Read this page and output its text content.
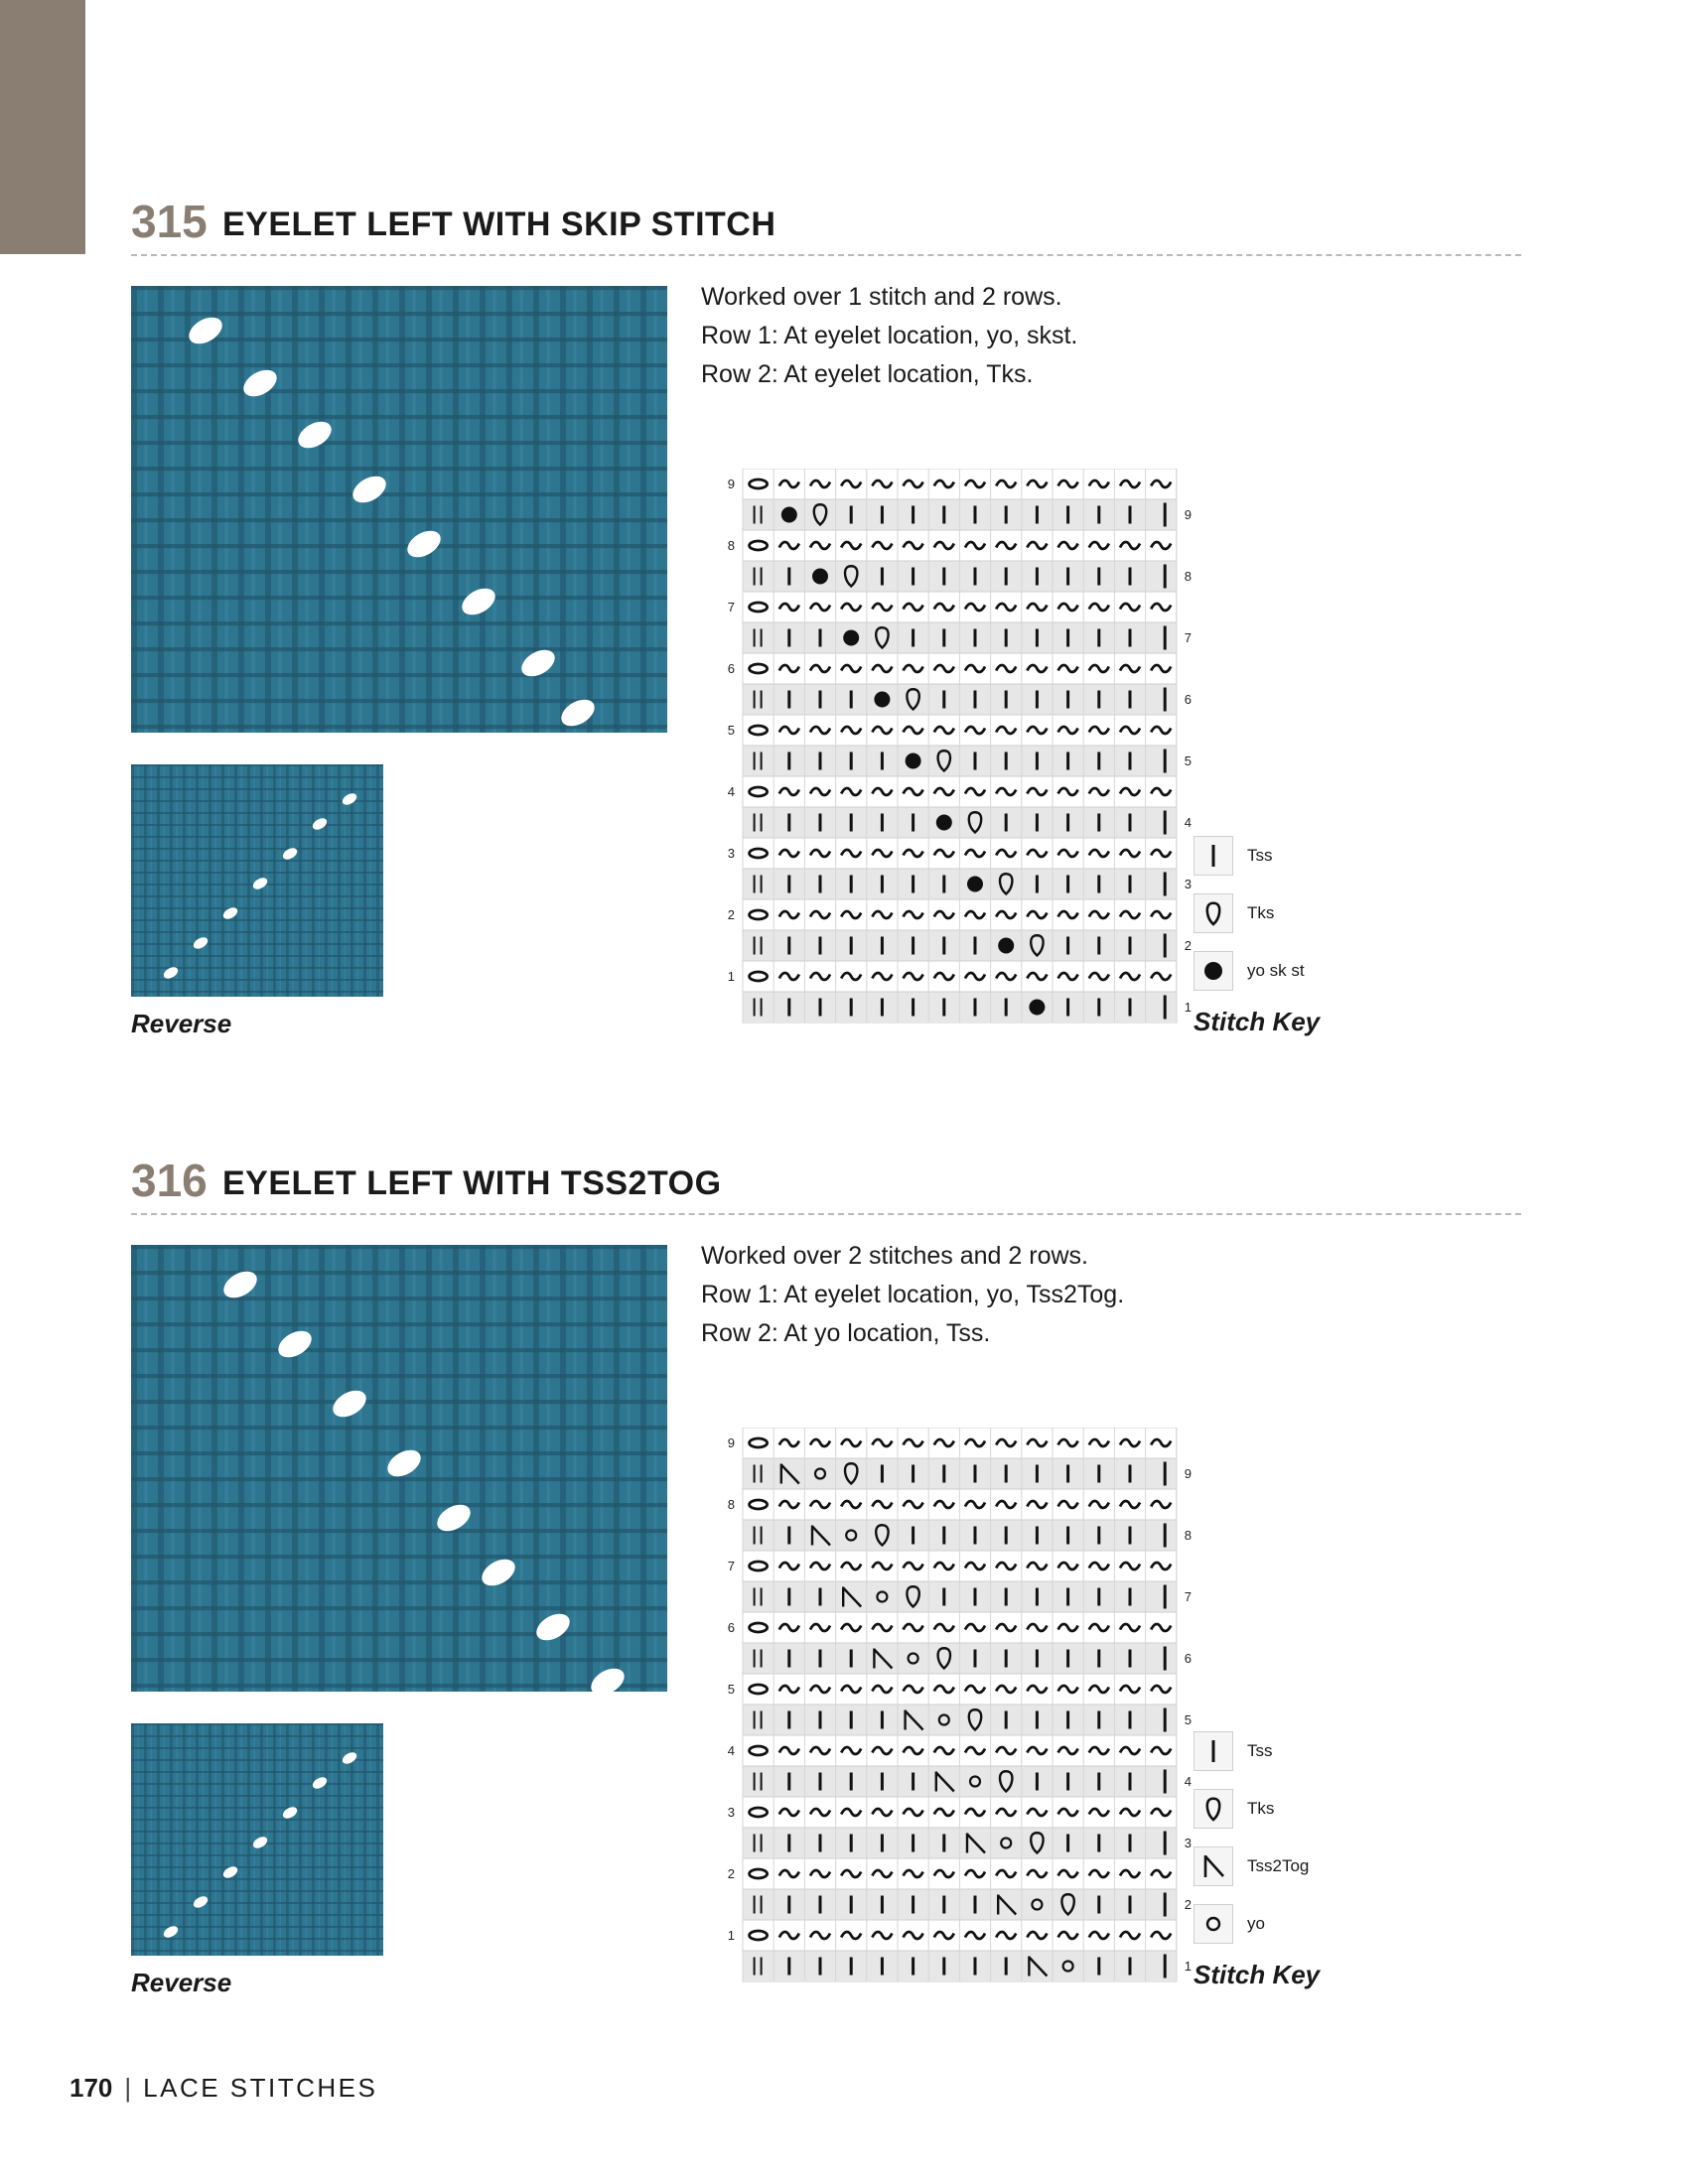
315 EYELET LEFT WITH SKIP STITCH
Reverse

Worked over 1 stitch and 2 rows.

Row 1: At eyelet location, yo, skst.

Row 2: At eyelet location, Tks.

9
9
8
8
7
7
6
6
5
5
4
4
3
3
2
2
1
1
Tss
Tks
yo sk st
Stitch Key
316 EYELET LEFT WITH TSS2TOG
Reverse

Worked over 2 stitches and 2 rows.

Row 1: At eyelet location, yo, Tss2Tog.

Row 2: At yo location, Tss.

9
9
8
8
7
7
6
6
5
5
4
4
3
3
2
2
1
1
Tss
Tks
Tss2Tog
yo
Stitch Key
170 | LACE STITCHES
